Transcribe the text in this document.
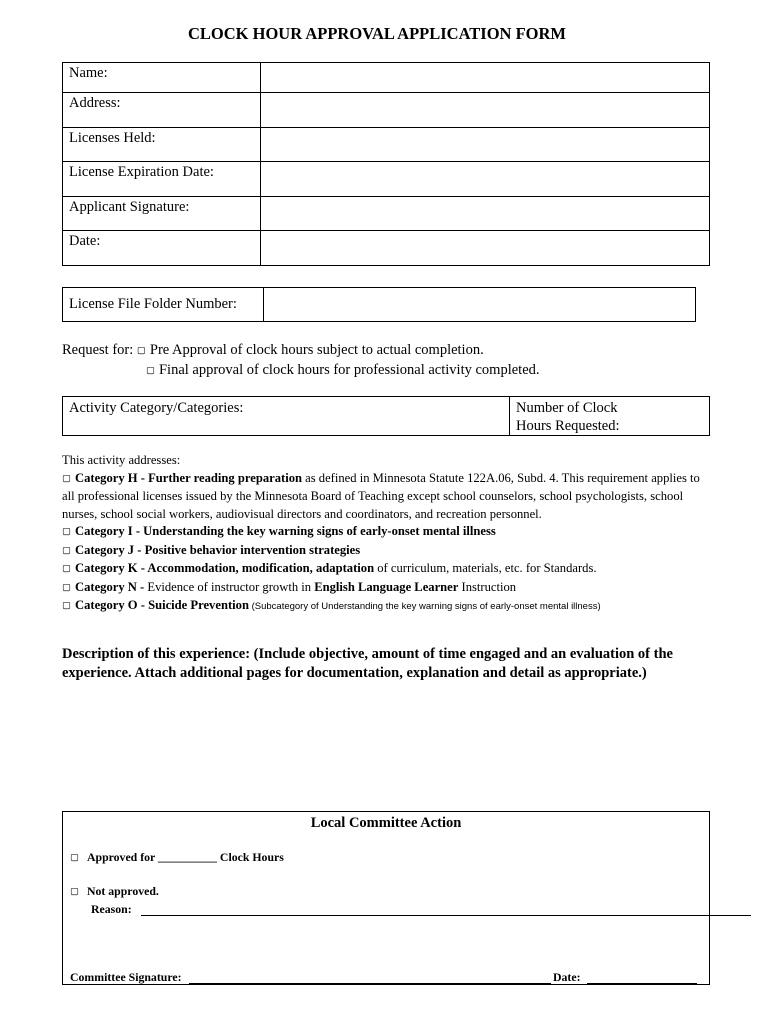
CLOCK HOUR APPROVAL APPLICATION FORM
Name:	
Address:	
Licenses Held:	
License Expiration Date:	
Applicant Signature:	
Date:	
License File Folder Number:	
Request for: ▢ Pre Approval of clock hours subject to actual completion.
▢ Final approval of clock hours for professional activity completed.
Activity Category/Categories:	Number of Clock
Hours Requested:

This activity addresses:

▢ Category H - Further reading preparation as defined in Minnesota Statute 122A.06, Subd. 4. This requirement applies to all professional licenses issued by the Minnesota Board of Teaching except school counselors, school psychologists, school nurses, school social workers, audiovisual directors and coordinators, and recreation personnel.

▢ Category I - Understanding the key warning signs of early-onset mental illness

▢ Category J - Positive behavior intervention strategies

▢ Category K - Accommodation, modification, adaptation of curriculum, materials, etc. for Standards.

▢ Category N - Evidence of instructor growth in English Language Learner Instruction

▢ Category O - Suicide Prevention (Subcategory of Understanding the key warning signs of early-onset mental illness)

Description of this experience: (Include objective, amount of time engaged and an evaluation of the experience. Attach additional pages for documentation, explanation and detail as appropriate.)
Local Committee Action
▢ Approved for __________ Clock Hours
▢ Not approved.
Reason:
Committee Signature:	Date:
